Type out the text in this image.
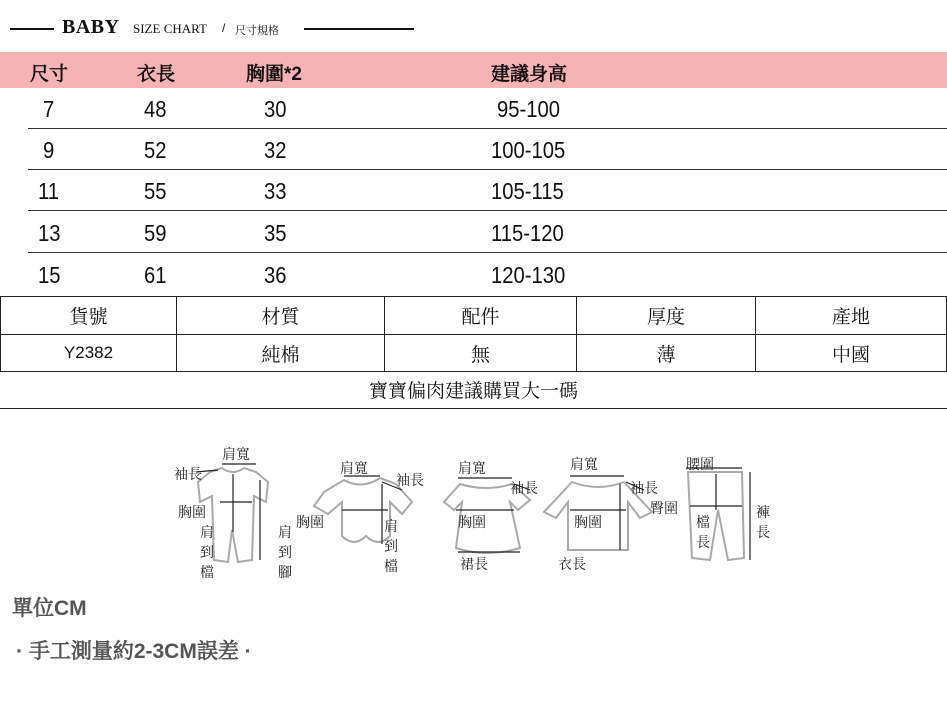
BABY SIZE CHART / 尺寸規格
尺寸	衣長	胸圍*2	建議身高
7	48	30	95-100
9	52	32	100-105
11	55	33	105-115
13	59	35	115-120
15	61	36	120-130
貨號	材質	配件	厚度	產地
Y2382	純棉	無	薄	中國
寶寶偏肉建議購買大一碼
肩寬
袖長
胸圍
肩
到
檔
肩
到
腳
肩寬
袖長
胸圍	肩
到
檔
肩寬
袖長
胸圍
裙長
肩寬
袖長
胸圍
衣長
腰圍
臀圍
檔
長
褲
長
單位CM
· 手工測量約2-3CM誤差 ·
